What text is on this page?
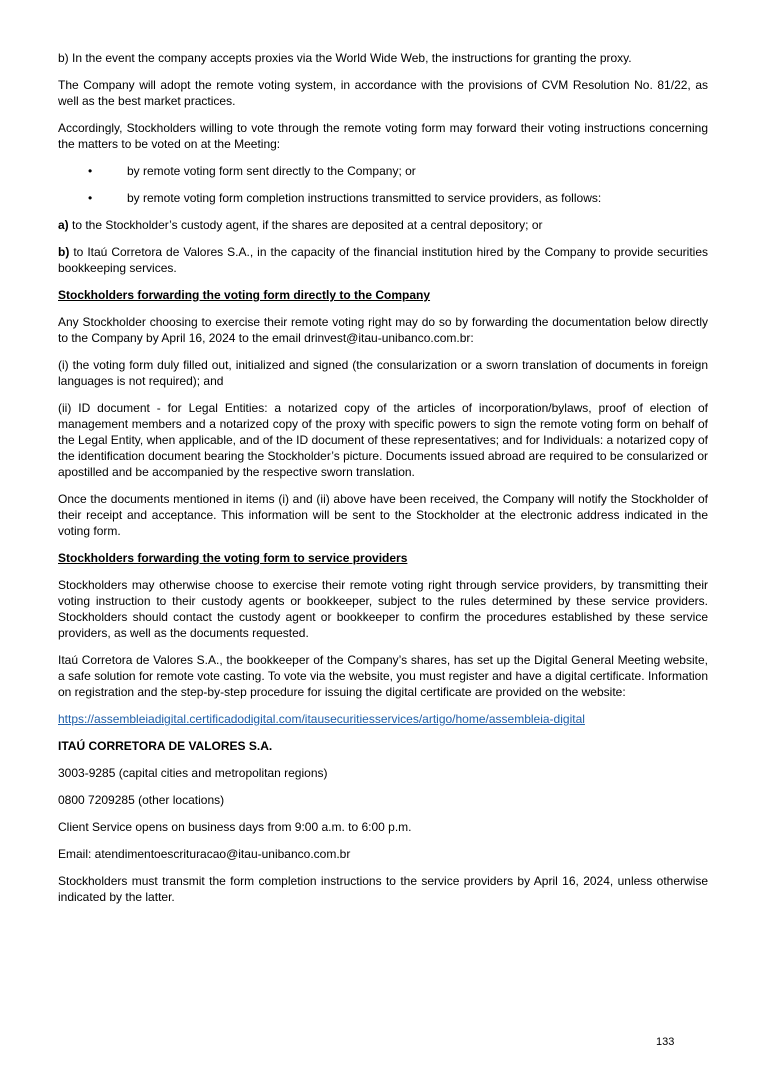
b) In the event the company accepts proxies via the World Wide Web, the instructions for granting the proxy.

The Company will adopt the remote voting system, in accordance with the provisions of CVM Resolution No. 81/22, as well as the best market practices.

Accordingly, Stockholders willing to vote through the remote voting form may forward their voting instructions concerning the matters to be voted on at the Meeting:

•	by remote voting form sent directly to the Company; or
•	by remote voting form completion instructions transmitted to service providers, as follows:

a) to the Stockholder’s custody agent, if the shares are deposited at a central depository; or

b) to Itaú Corretora de Valores S.A., in the capacity of the financial institution hired by the Company to provide securities bookkeeping services.

Stockholders forwarding the voting form directly to the Company

Any Stockholder choosing to exercise their remote voting right may do so by forwarding the documentation below directly to the Company by April 16, 2024 to the email drinvest@itau-unibanco.com.br:

(i) the voting form duly filled out, initialized and signed (the consularization or a sworn translation of documents in foreign languages is not required); and

(ii) ID document - for Legal Entities: a notarized copy of the articles of incorporation/bylaws, proof of election of management members and a notarized copy of the proxy with specific powers to sign the remote voting form on behalf of the Legal Entity, when applicable, and of the ID document of these representatives; and for Individuals: a notarized copy of the identification document bearing the Stockholder’s picture. Documents issued abroad are required to be consularized or apostilled and be accompanied by the respective sworn translation.

Once the documents mentioned in items (i) and (ii) above have been received, the Company will notify the Stockholder of their receipt and acceptance. This information will be sent to the Stockholder at the electronic address indicated in the voting form.

Stockholders forwarding the voting form to service providers

Stockholders may otherwise choose to exercise their remote voting right through service providers, by transmitting their voting instruction to their custody agents or bookkeeper, subject to the rules determined by these service providers. Stockholders should contact the custody agent or bookkeeper to confirm the procedures established by these service providers, as well as the documents requested.

Itaú Corretora de Valores S.A., the bookkeeper of the Company’s shares, has set up the Digital General Meeting website, a safe solution for remote vote casting. To vote via the website, you must register and have a digital certificate. Information on registration and the step-by-step procedure for issuing the digital certificate are provided on the website:

https://assembleiadigital.certificadodigital.com/itausecuritiesservices/artigo/home/assembleia-digital
ITAÚ CORRETORA DE VALORES S.A.
3003-9285 (capital cities and metropolitan regions)
0800 7209285 (other locations)
Client Service opens on business days from 9:00 a.m. to 6:00 p.m.
Email: atendimentoescrituracao@itau-unibanco.com.br

Stockholders must transmit the form completion instructions to the service providers by April 16, 2024, unless otherwise indicated by the latter.

133
